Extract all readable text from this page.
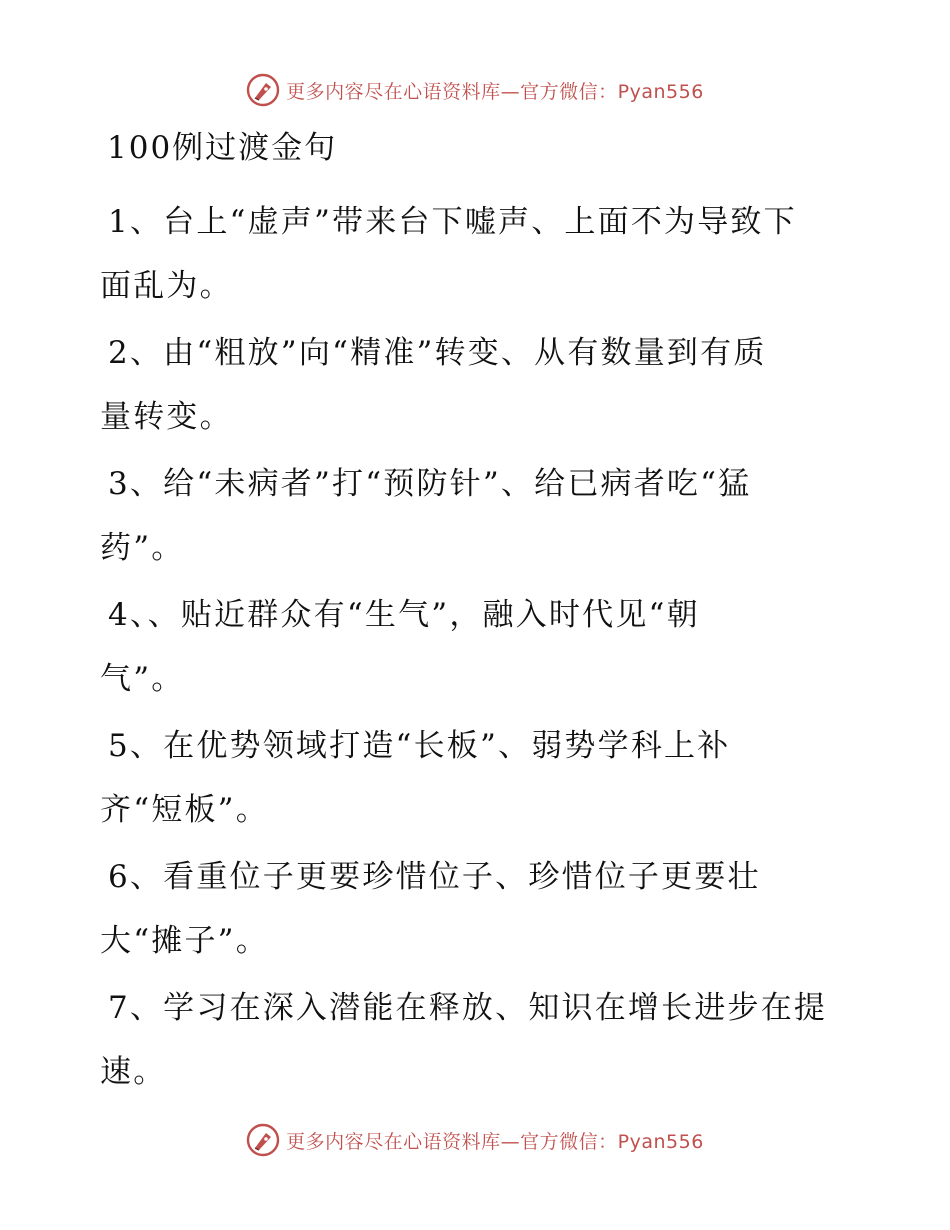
更多内容尽在心语资料库—官方微信：Pyan556
100例过渡金句
1、台上“虚声”带来台下嘘声、上面不为导致下
面乱为。
2、由“粗放”向“精准”转变、从有数量到有质
量转变。
3、给“未病者”打“预防针”、给已病者吃“猛
药”。
4、、贴近群众有“生气”，融入时代见“朝
气”。
5、在优势领域打造“长板”、弱势学科上补
齐“短板”。
6、看重位子更要珍惜位子、珍惜位子更要壮
大“摊子”。
7、学习在深入潜能在释放、知识在增长进步在提
速。
更多内容尽在心语资料库—官方微信：Pyan556
